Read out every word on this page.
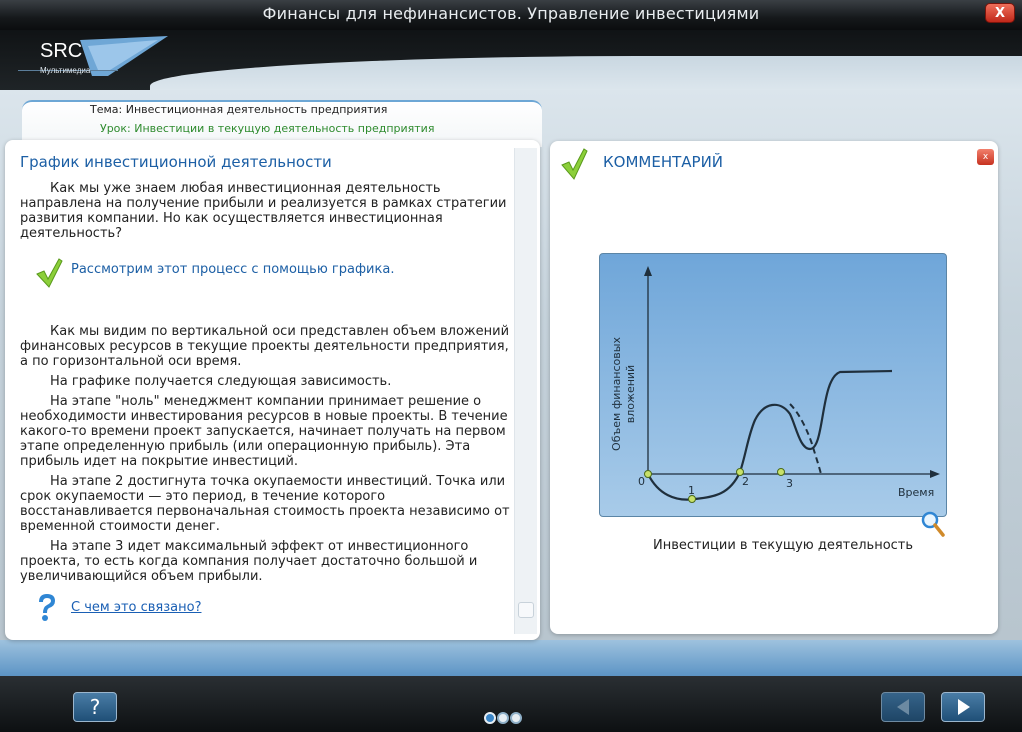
Финансы для нефинансистов. Управление инвестициями	X
SRC
Мультимедиа
Тема: Инвестиционная деятельность предприятия
Урок: Инвестиции в текущую деятельность предприятия
График инвестиционной деятельности

Как мы уже знаем любая инвестиционная деятельность направлена на получение прибыли и реализуется в рамках стратегии развития компании. Но как осуществляется инвестиционная деятельность?

Рассмотрим этот процесс с помощью графика.

Как мы видим по вертикальной оси представлен объем вложений финансовых ресурсов в текущие проекты деятельности предприятия, а по горизонтальной оси время.

На графике получается следующая зависимость.

На этапе "ноль" менеджмент компании принимает решение о необходимости инвестирования ресурсов в новые проекты. В течение какого-то времени проект запускается, начинает получать на первом этапе определенную прибыль (или операционную прибыль). Эта прибыль идет на покрытие инвестиций.

На этапе 2 достигнута точка окупаемости инвестиций. Точка или срок окупаемости — это период, в течение которого восстанавливается первоначальная стоимость проекта независимо от временной стоимости денег.

На этапе 3 идет максимальный эффект от инвестиционного проекта, то есть когда компания получает достаточно большой и увеличивающийся объем прибыли.

С чем это связано?
КОММЕНТАРИЙ	x
Объем финансовых вложений
Время
0
1
2	3
Инвестиции в текущую деятельность
?
